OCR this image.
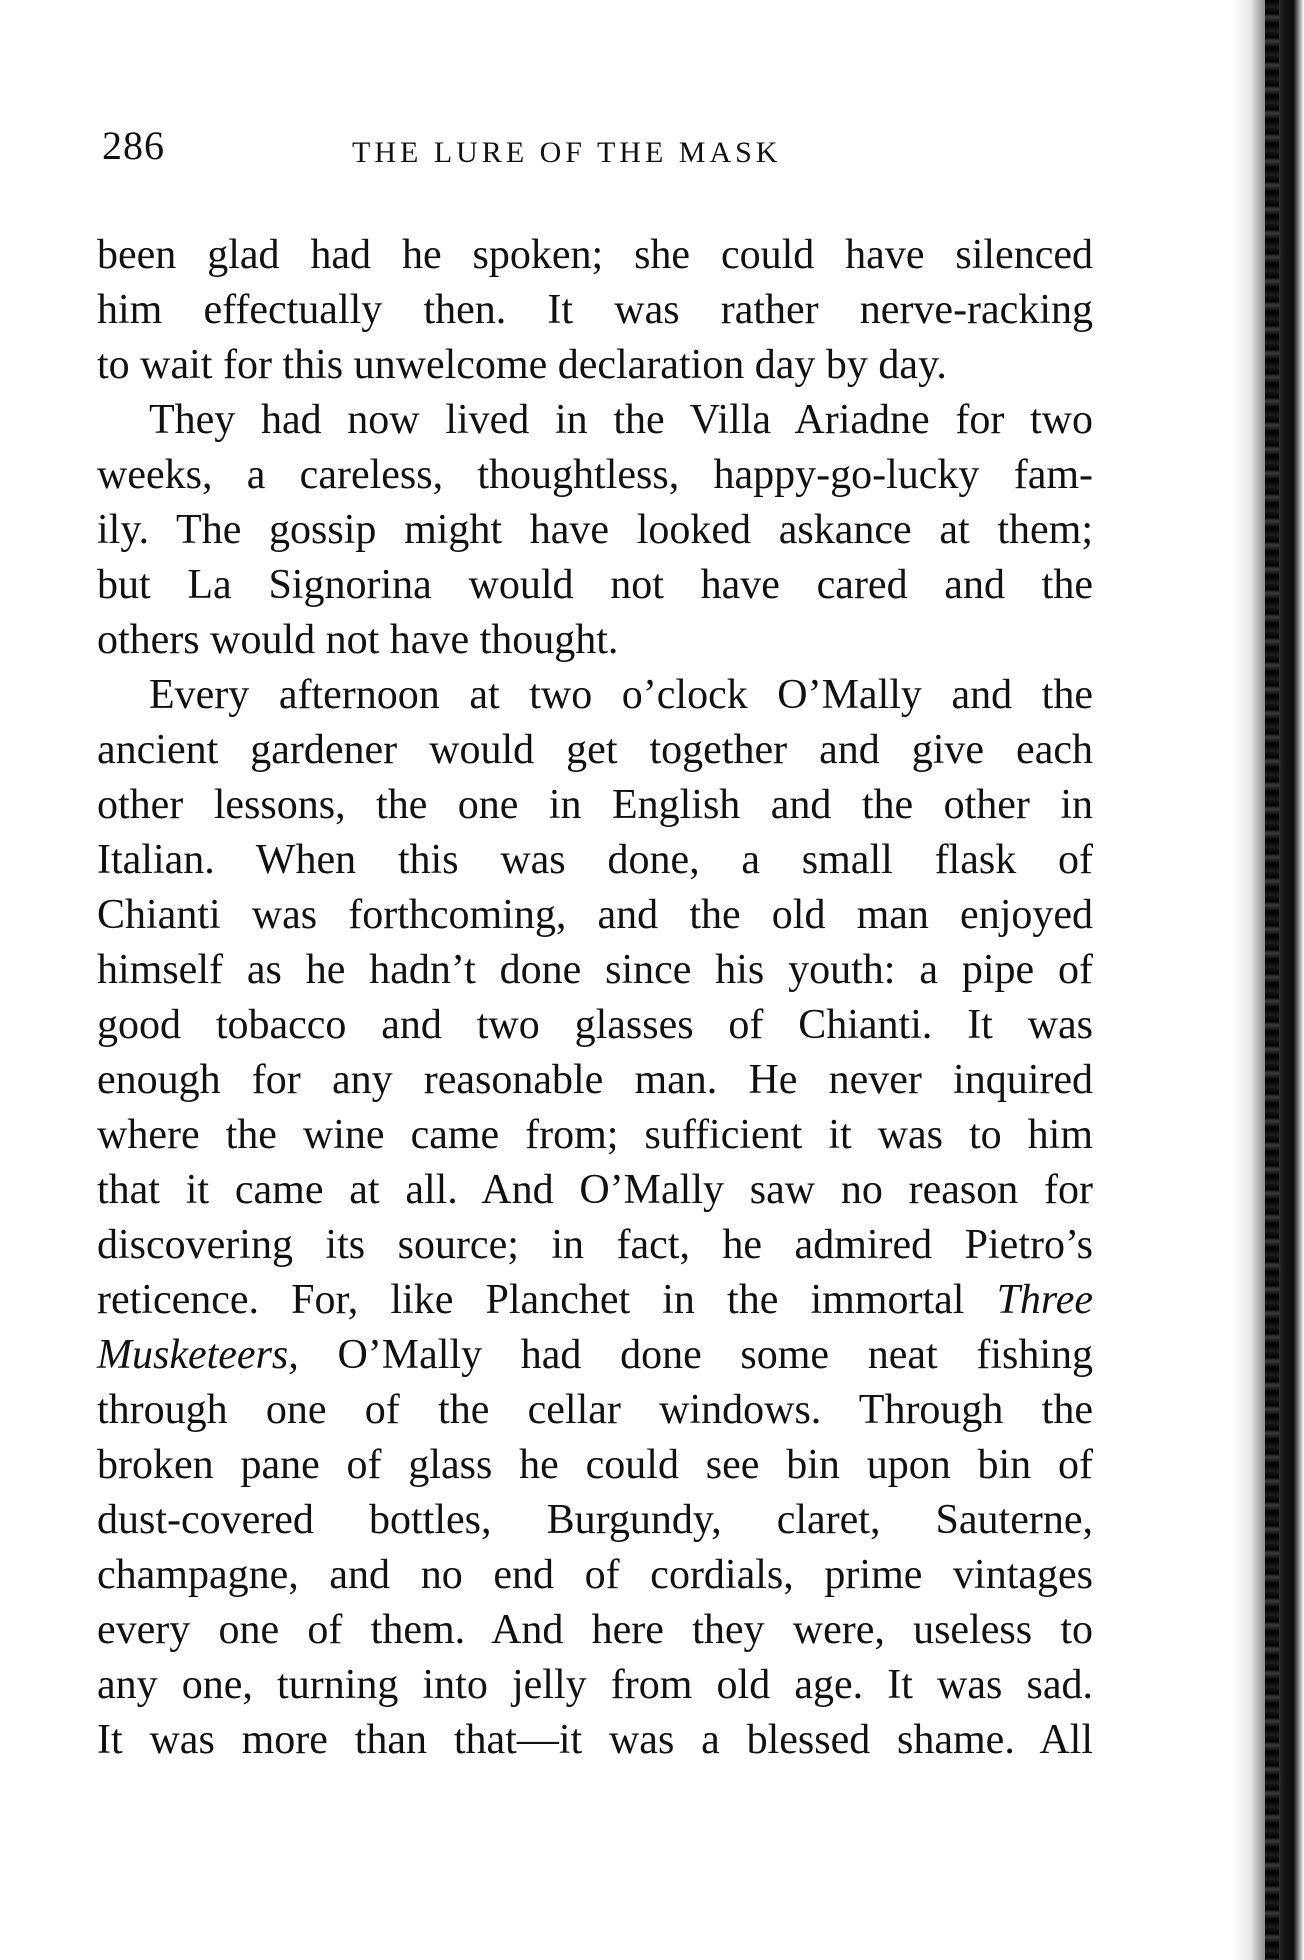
286	THE LURE OF THE MASK
been glad had he spoken; she could have silenced
him effectually then. It was rather nerve-racking
to wait for this unwelcome declaration day by day.
They had now lived in the Villa Ariadne for two
weeks, a careless, thoughtless, happy-go-lucky fam-
ily. The gossip might have looked askance at them;
but La Signorina would not have cared and the
others would not have thought.
Every afternoon at two o’clock O’Mally and the
ancient gardener would get together and give each
other lessons, the one in English and the other in
Italian. When this was done, a small flask of
Chianti was forthcoming, and the old man enjoyed
himself as he hadn’t done since his youth: a pipe of
good tobacco and two glasses of Chianti. It was
enough for any reasonable man. He never inquired
where the wine came from; sufficient it was to him
that it came at all. And O’Mally saw no reason for
discovering its source; in fact, he admired Pietro’s
reticence. For, like Planchet in the immortal Three
Musketeers, O’Mally had done some neat fishing
through one of the cellar windows. Through the
broken pane of glass he could see bin upon bin of
dust-covered bottles, Burgundy, claret, Sauterne,
champagne, and no end of cordials, prime vintages
every one of them. And here they were, useless to
any one, turning into jelly from old age. It was sad.
It was more than that—it was a blessed shame. All
